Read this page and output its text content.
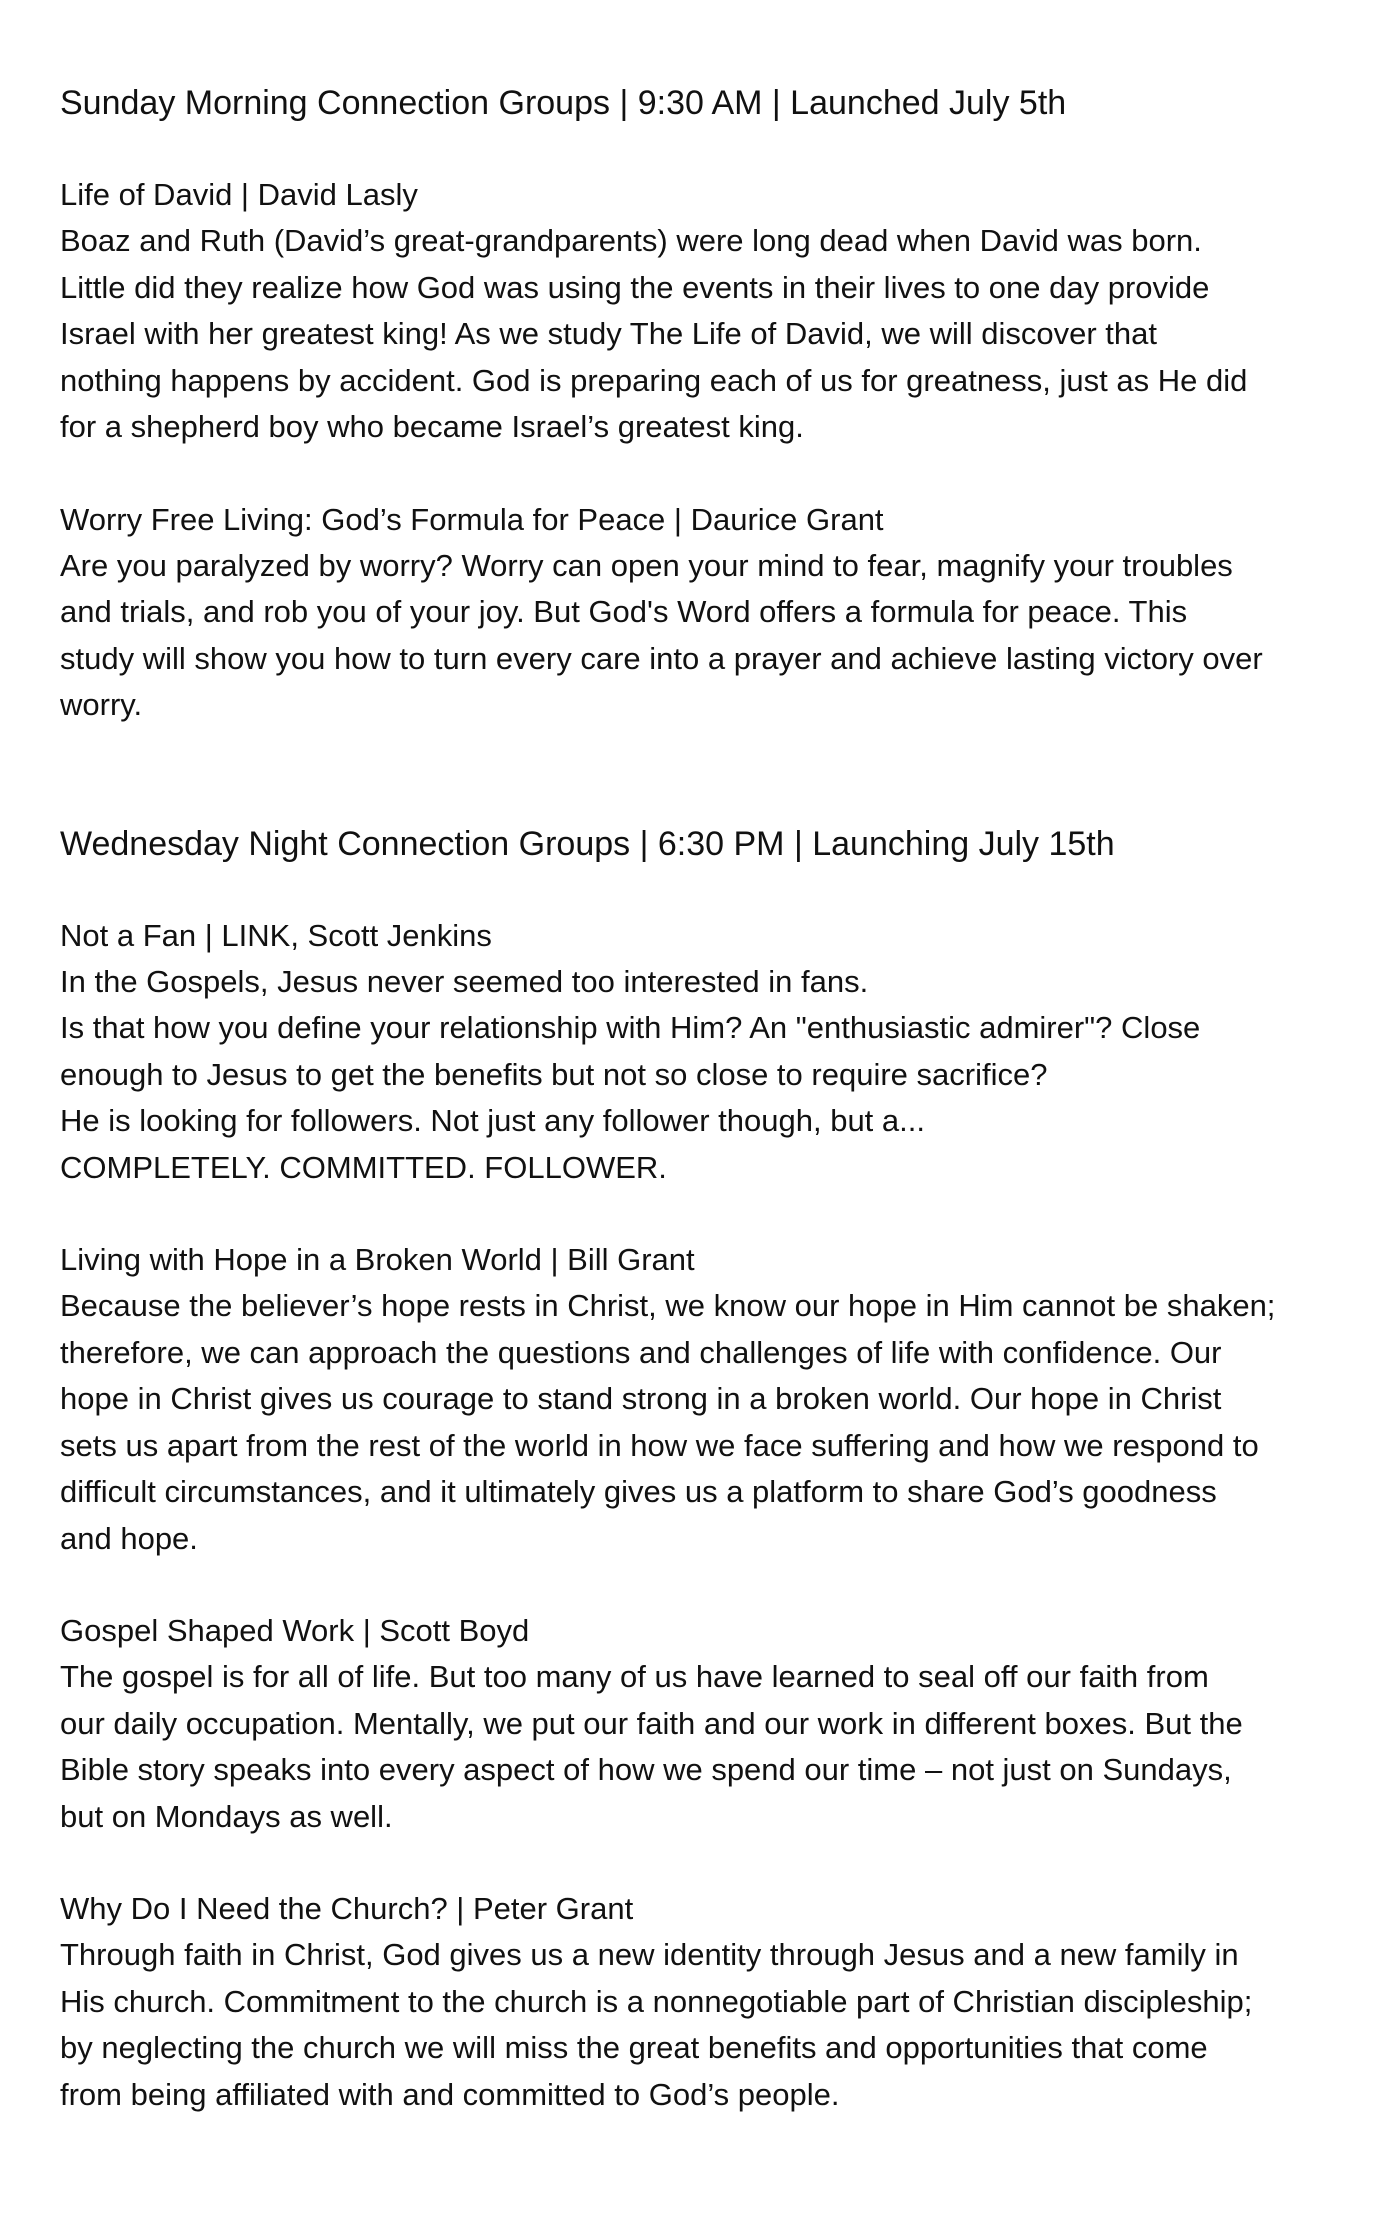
Sunday Morning Connection Groups | 9:30 AM | Launched July 5th
Life of David | David Lasly

Boaz and Ruth (David’s great-grandparents) were long dead when David was born.
Little did they realize how God was using the events in their lives to one day provide
Israel with her greatest king! As we study The Life of David, we will discover that
nothing happens by accident. God is preparing each of us for greatness, just as He did
for a shepherd boy who became Israel’s greatest king.

Worry Free Living: God’s Formula for Peace | Daurice Grant

Are you paralyzed by worry? Worry can open your mind to fear, magnify your troubles
and trials, and rob you of your joy. But God's Word offers a formula for peace. This
study will show you how to turn every care into a prayer and achieve lasting victory over
worry.

Wednesday Night Connection Groups | 6:30 PM | Launching July 15th
Not a Fan | LINK, Scott Jenkins

In the Gospels, Jesus never seemed too interested in fans.
Is that how you define your relationship with Him? An "enthusiastic admirer"? Close
enough to Jesus to get the benefits but not so close to require sacrifice?
He is looking for followers. Not just any follower though, but a...
COMPLETELY. COMMITTED. FOLLOWER.

Living with Hope in a Broken World | Bill Grant

Because the believer’s hope rests in Christ, we know our hope in Him cannot be shaken;
therefore, we can approach the questions and challenges of life with confidence. Our
hope in Christ gives us courage to stand strong in a broken world. Our hope in Christ
sets us apart from the rest of the world in how we face suffering and how we respond to
difficult circumstances, and it ultimately gives us a platform to share God’s goodness
and hope.

Gospel Shaped Work | Scott Boyd

The gospel is for all of life. But too many of us have learned to seal off our faith from
our daily occupation. Mentally, we put our faith and our work in different boxes. But the
Bible story speaks into every aspect of how we spend our time – not just on Sundays,
but on Mondays as well.

Why Do I Need the Church? | Peter Grant

Through faith in Christ, God gives us a new identity through Jesus and a new family in
His church. Commitment to the church is a nonnegotiable part of Christian discipleship;
by neglecting the church we will miss the great benefits and opportunities that come
from being affiliated with and committed to God’s people.
